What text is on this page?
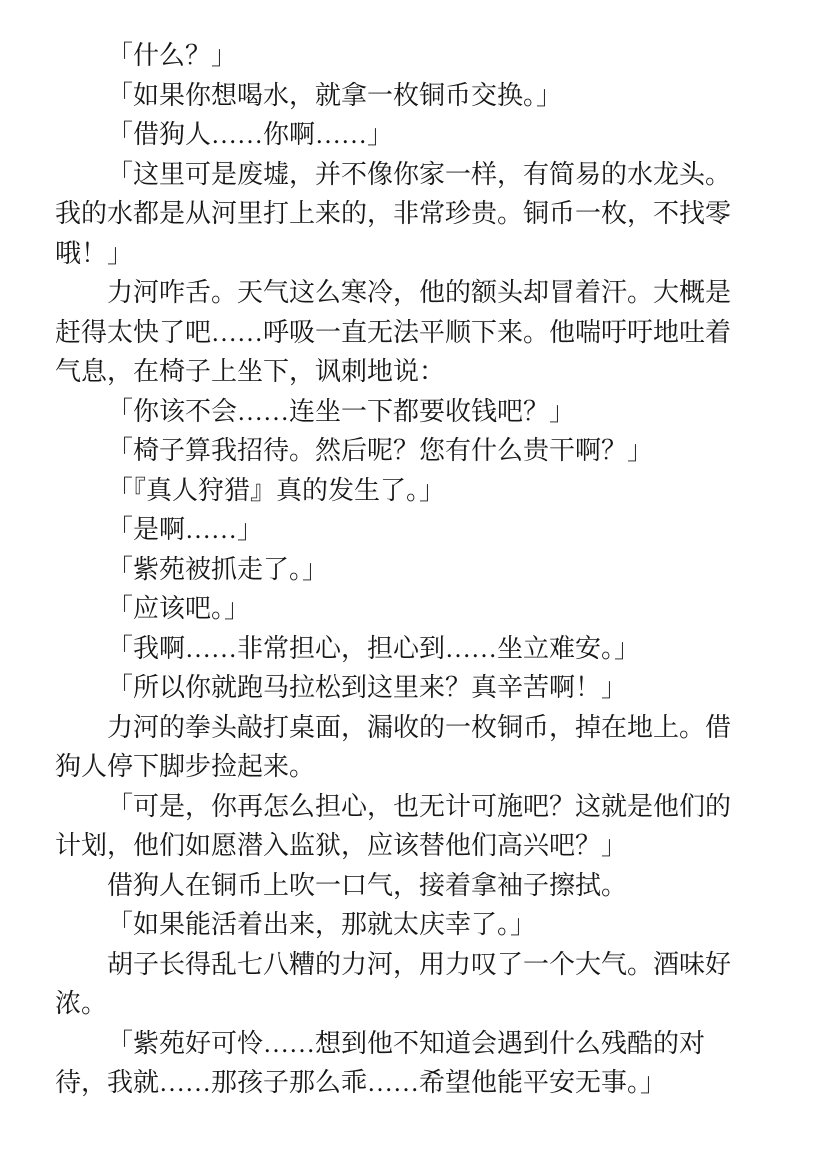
「什么？」
「如果你想喝水，就拿一枚铜币交换。」
「借狗人……你啊……」
「这里可是废墟，并不像你家一样，有简易的水龙头。
我的水都是从河里打上来的，非常珍贵。铜币一枚，不找零
哦！」
力河咋舌。天气这么寒冷，他的额头却冒着汗。大概是
赶得太快了吧……呼吸一直无法平顺下来。他喘吁吁地吐着
气息，在椅子上坐下，讽刺地说：
「你该不会……连坐一下都要收钱吧？」
「椅子算我招待。然后呢？您有什么贵干啊？」
「『真人狩猎』真的发生了。」
「是啊……」
「紫苑被抓走了。」
「应该吧。」
「我啊……非常担心，担心到……坐立难安。」
「所以你就跑马拉松到这里来？真辛苦啊！」
力河的拳头敲打桌面，漏收的一枚铜币，掉在地上。借
狗人停下脚步捡起来。
「可是，你再怎么担心，也无计可施吧？这就是他们的
计划，他们如愿潜入监狱，应该替他们高兴吧？」
借狗人在铜币上吹一口气，接着拿袖子擦拭。
「如果能活着出来，那就太庆幸了。」
胡子长得乱七八糟的力河，用力叹了一个大气。酒味好
浓。
「紫苑好可怜……想到他不知道会遇到什么残酷的对
待，我就……那孩子那么乖……希望他能平安无事。」
